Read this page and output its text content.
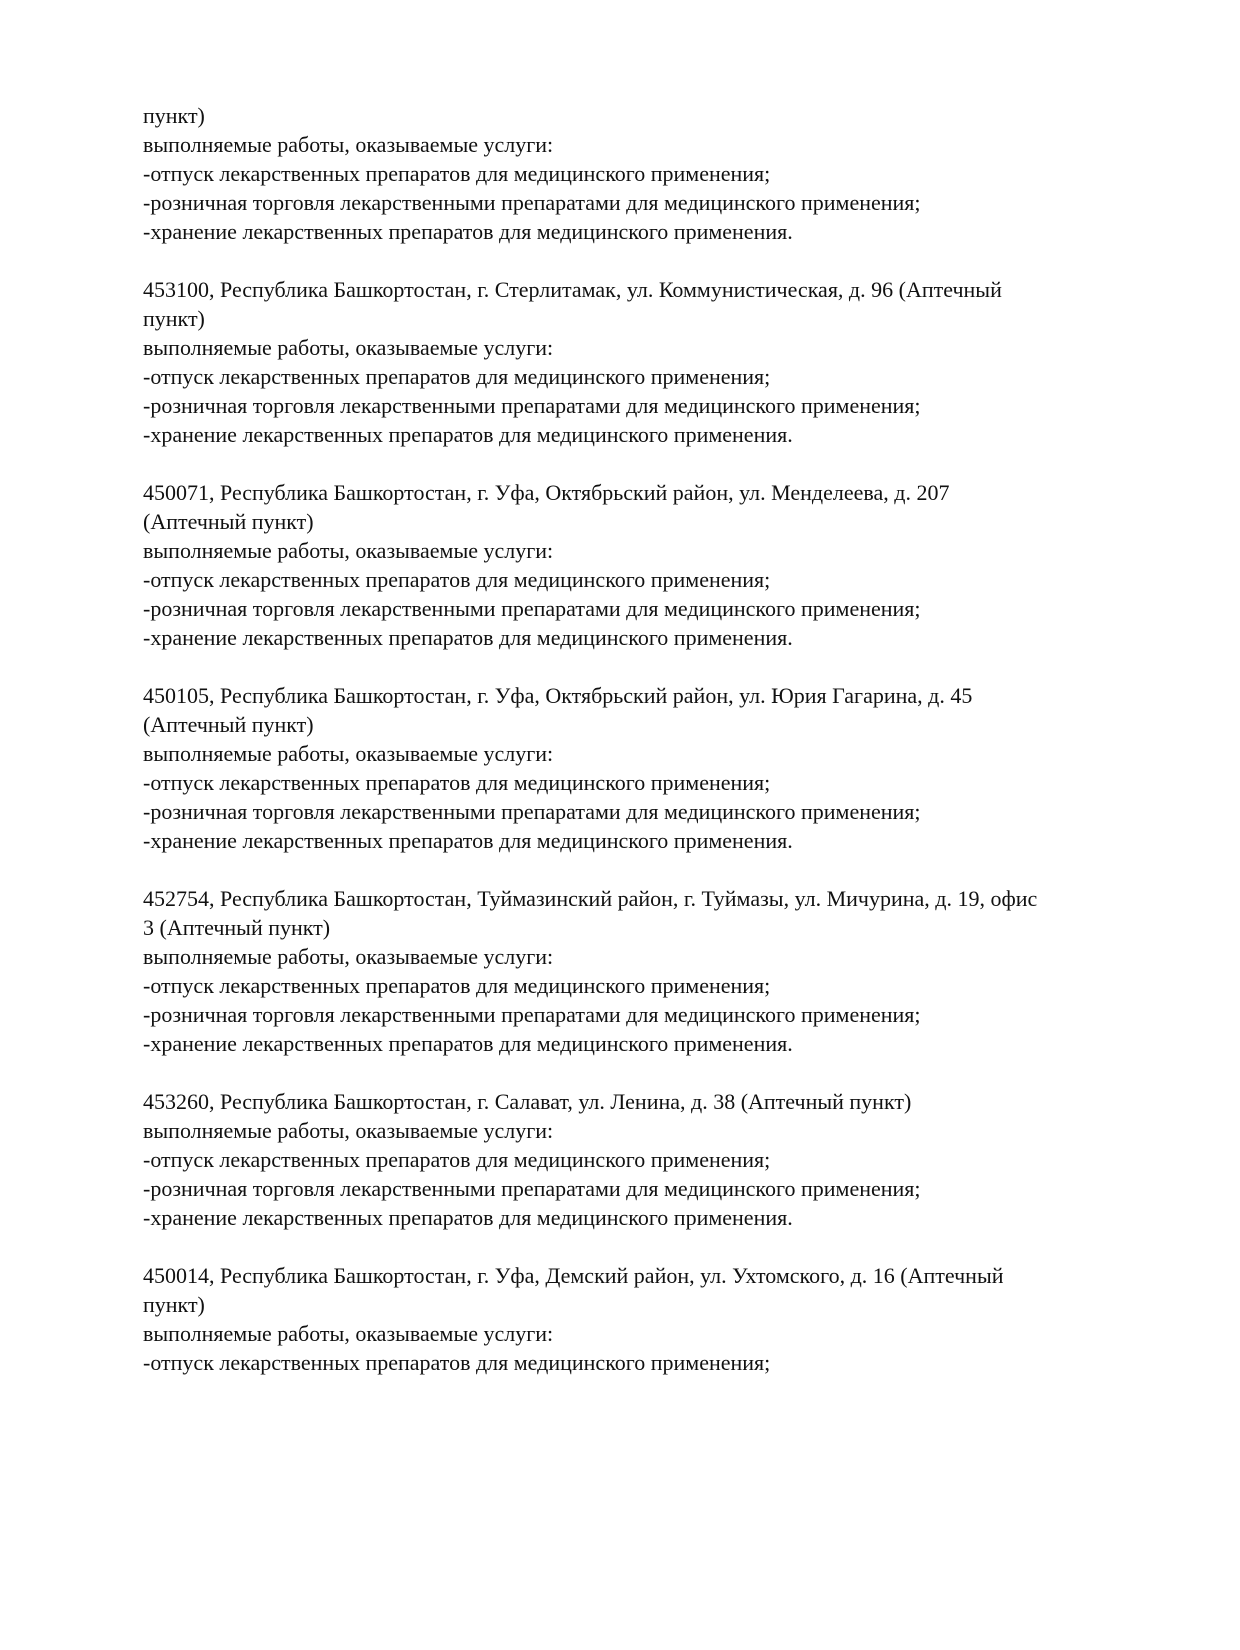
пункт)
выполняемые работы, оказываемые услуги:
-отпуск лекарственных препаратов для медицинского применения;
-розничная торговля лекарственными препаратами для медицинского применения;
-хранение лекарственных препаратов для медицинского применения.
453100, Республика Башкортостан, г. Стерлитамак, ул. Коммунистическая, д. 96 (Аптечный
пункт)
выполняемые работы, оказываемые услуги:
-отпуск лекарственных препаратов для медицинского применения;
-розничная торговля лекарственными препаратами для медицинского применения;
-хранение лекарственных препаратов для медицинского применения.
450071, Республика Башкортостан, г. Уфа, Октябрьский район, ул. Менделеева, д. 207
(Аптечный пункт)
выполняемые работы, оказываемые услуги:
-отпуск лекарственных препаратов для медицинского применения;
-розничная торговля лекарственными препаратами для медицинского применения;
-хранение лекарственных препаратов для медицинского применения.
450105, Республика Башкортостан, г. Уфа, Октябрьский район, ул. Юрия Гагарина, д. 45
(Аптечный пункт)
выполняемые работы, оказываемые услуги:
-отпуск лекарственных препаратов для медицинского применения;
-розничная торговля лекарственными препаратами для медицинского применения;
-хранение лекарственных препаратов для медицинского применения.
452754, Республика Башкортостан, Туймазинский район, г. Туймазы, ул. Мичурина, д. 19, офис
3 (Аптечный пункт)
выполняемые работы, оказываемые услуги:
-отпуск лекарственных препаратов для медицинского применения;
-розничная торговля лекарственными препаратами для медицинского применения;
-хранение лекарственных препаратов для медицинского применения.
453260, Республика Башкортостан, г. Салават, ул. Ленина, д. 38 (Аптечный пункт)
выполняемые работы, оказываемые услуги:
-отпуск лекарственных препаратов для медицинского применения;
-розничная торговля лекарственными препаратами для медицинского применения;
-хранение лекарственных препаратов для медицинского применения.
450014, Республика Башкортостан, г. Уфа, Демский район, ул. Ухтомского, д. 16 (Аптечный
пункт)
выполняемые работы, оказываемые услуги:
-отпуск лекарственных препаратов для медицинского применения;
